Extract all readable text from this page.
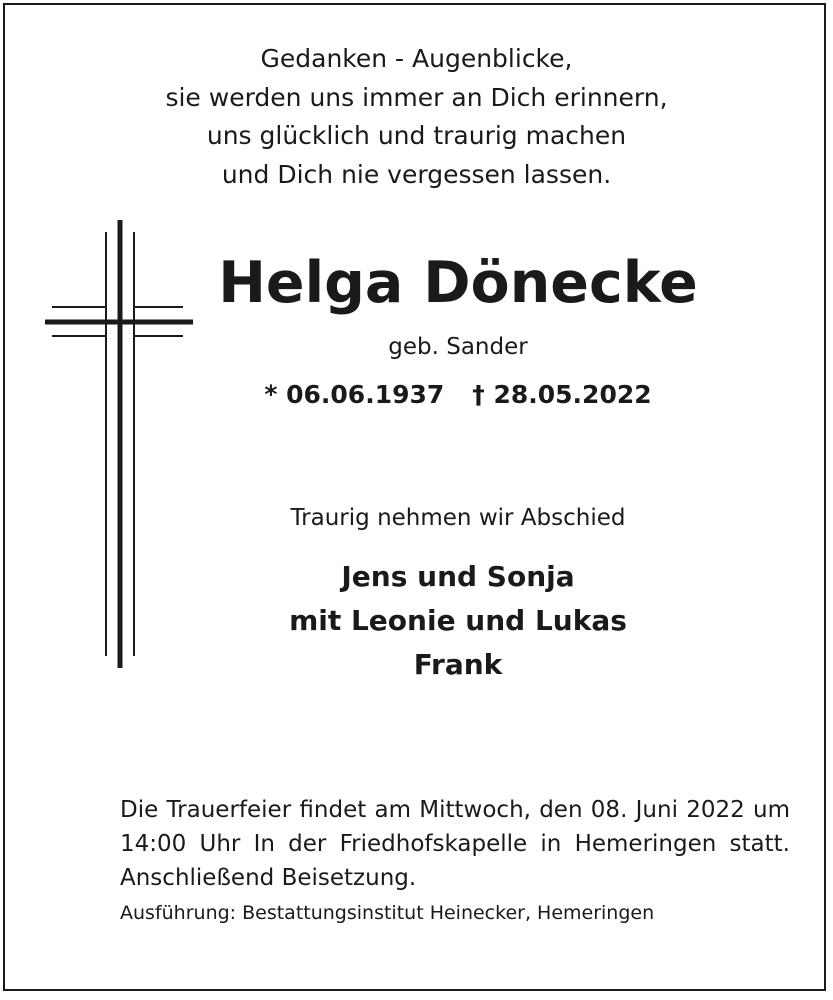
Gedanken - Augenblicke,
sie werden uns immer an Dich erinnern,
uns glücklich und traurig machen
und Dich nie vergessen lassen.
Helga Dönecke
geb. Sander
* 06.06.1937 † 28.05.2022
Traurig nehmen wir Abschied
Jens und Sonja
mit Leonie und Lukas
Frank
Die Trauerfeier findet am Mittwoch, den 08. Juni 2022 um
14:00 Uhr In der Friedhofskapelle in Hemeringen statt.
Anschließend Beisetzung.
Ausführung: Bestattungsinstitut Heinecker, Hemeringen
